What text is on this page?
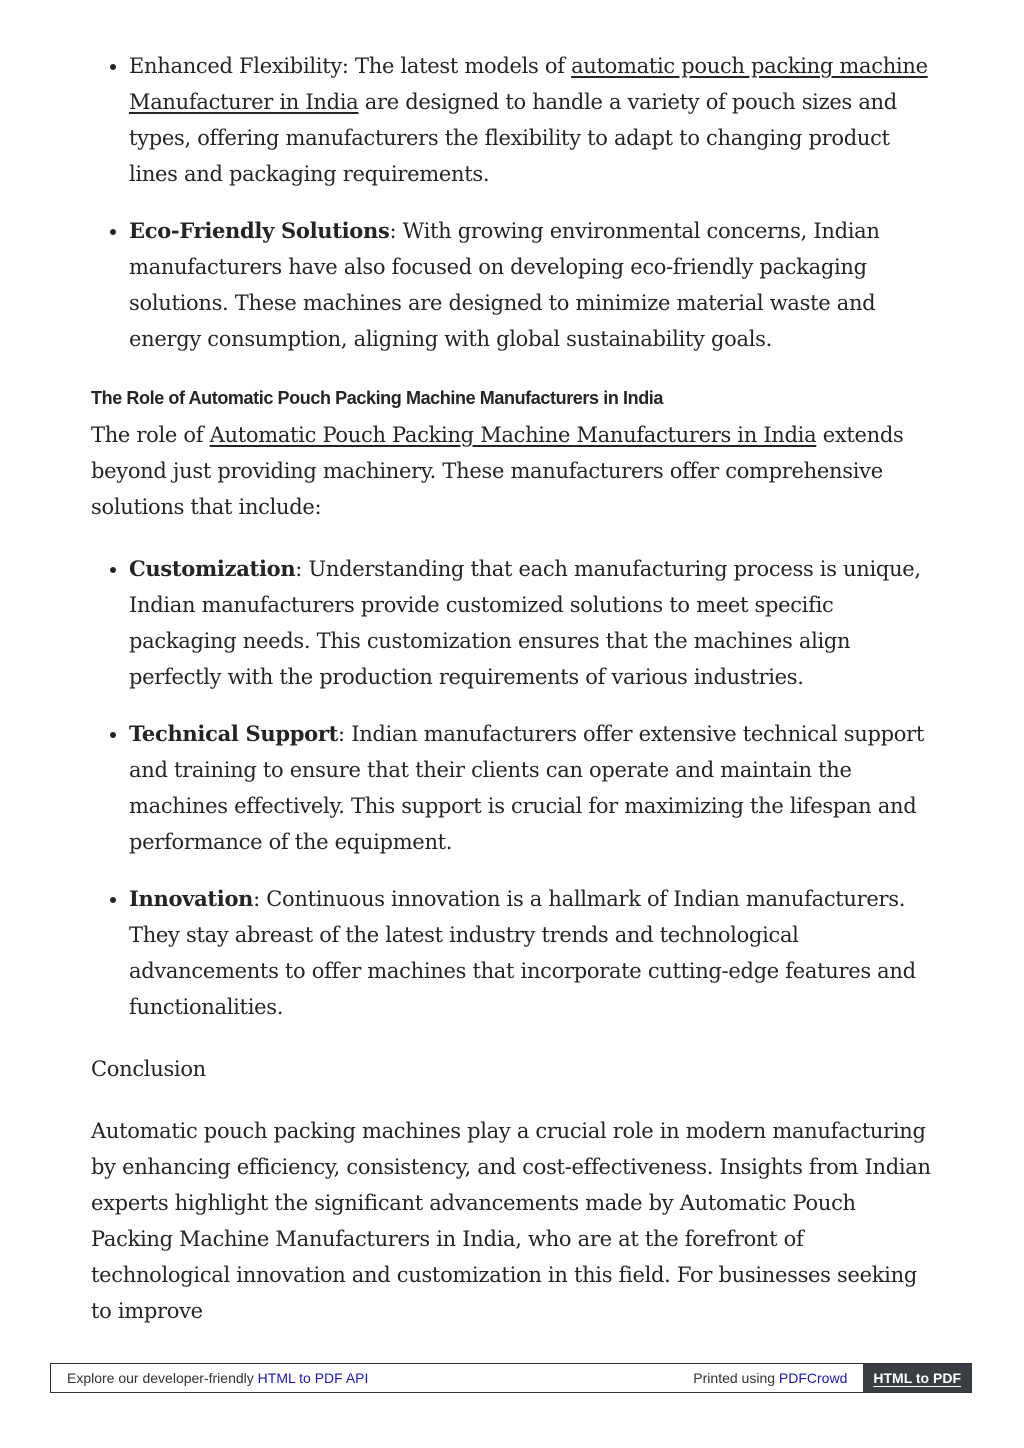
• Enhanced Flexibility: The latest models of automatic pouch packing machine Manufacturer in India are designed to handle a variety of pouch sizes and types, offering manufacturers the flexibility to adapt to changing product lines and packaging requirements.
• Eco-Friendly Solutions: With growing environmental concerns, Indian manufacturers have also focused on developing eco-friendly packaging solutions. These machines are designed to minimize material waste and energy consumption, aligning with global sustainability goals.
The Role of Automatic Pouch Packing Machine Manufacturers in India

The role of Automatic Pouch Packing Machine Manufacturers in India extends beyond just providing machinery. These manufacturers offer comprehensive solutions that include:

• Customization: Understanding that each manufacturing process is unique, Indian manufacturers provide customized solutions to meet specific packaging needs. This customization ensures that the machines align perfectly with the production requirements of various industries.
• Technical Support: Indian manufacturers offer extensive technical support and training to ensure that their clients can operate and maintain the machines effectively. This support is crucial for maximizing the lifespan and performance of the equipment.
• Innovation: Continuous innovation is a hallmark of Indian manufacturers. They stay abreast of the latest industry trends and technological advancements to offer machines that incorporate cutting-edge features and functionalities.

Conclusion

Automatic pouch packing machines play a crucial role in modern manufacturing by enhancing efficiency, consistency, and cost-effectiveness. Insights from Indian experts highlight the significant advancements made by Automatic Pouch Packing Machine Manufacturers in India, who are at the forefront of technological innovation and customization in this field. For businesses seeking to improve

Explore our developer-friendly HTML to PDF API	Printed using PDFCrowd	HTML to PDF
